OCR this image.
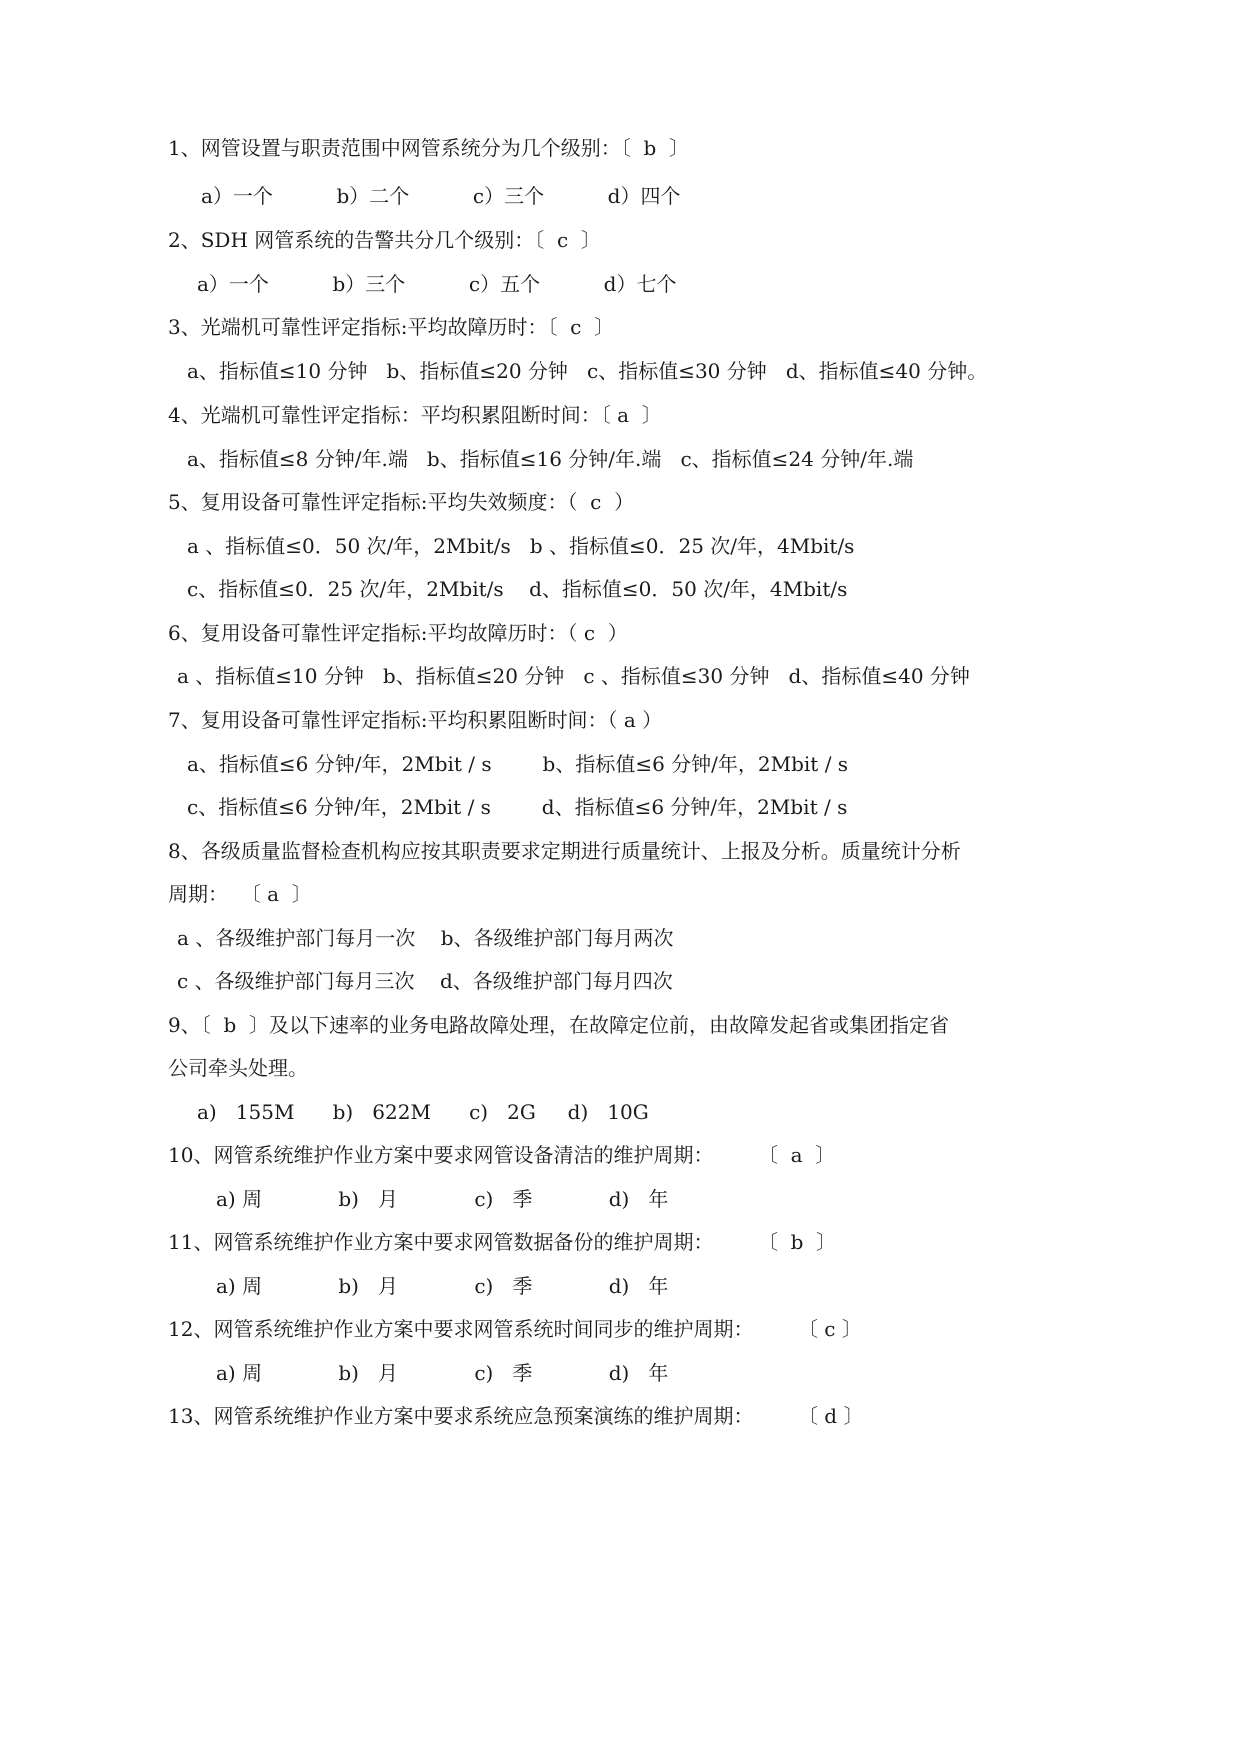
1、网管设置与职责范围中网管系统分为几个级别：〔  b  〕
a）一个          b）二个          c）三个          d）四个
2、SDH 网管系统的告警共分几个级别：〔  c  〕
a）一个          b）三个          c）五个          d）七个
3、光端机可靠性评定指标:平均故障历时：〔  c  〕
a、指标值≤10 分钟   b、指标值≤20 分钟   c、指标值≤30 分钟   d、指标值≤40 分钟。
4、光端机可靠性评定指标：平均积累阻断时间：〔 a  〕
a、指标值≤8 分钟/年.端   b、指标值≤16 分钟/年.端   c、指标值≤24 分钟/年.端
5、复用设备可靠性评定指标:平均失效频度：（  c  ）
a 、指标值≤0．50 次/年，2Mbit/s   b 、指标值≤0．25 次/年，4Mbit/s
c、指标值≤0．25 次/年，2Mbit/s    d、指标值≤0．50 次/年，4Mbit/s
6、复用设备可靠性评定指标:平均故障历时：（ c  ）
a 、指标值≤10 分钟   b、指标值≤20 分钟   c 、指标值≤30 分钟   d、指标值≤40 分钟
7、复用设备可靠性评定指标:平均积累阻断时间：（ a ）
a、指标值≤6 分钟/年，2Mbit / s        b、指标值≤6 分钟/年，2Mbit / s
c、指标值≤6 分钟/年，2Mbit / s        d、指标值≤6 分钟/年，2Mbit / s
8、各级质量监督检查机构应按其职责要求定期进行质量统计、上报及分析。质量统计分析
周期：  〔 a  〕
a 、各级维护部门每月一次    b、各级维护部门每月两次
c 、各级维护部门每月三次    d、各级维护部门每月四次
9、〔  b  〕及以下速率的业务电路故障处理，在故障定位前，由故障发起省或集团指定省
公司牵头处理。
a)   155M      b)   622M      c)   2G     d)   10G
10、网管系统维护作业方案中要求网管设备清洁的维护周期：       〔  a  〕
a) 周            b)   月            c)   季            d)   年
11、网管系统维护作业方案中要求网管数据备份的维护周期：       〔  b  〕
a) 周            b)   月            c)   季            d)   年
12、网管系统维护作业方案中要求网管系统时间同步的维护周期：       〔 c 〕
a) 周            b)   月            c)   季            d)   年
13、网管系统维护作业方案中要求系统应急预案演练的维护周期：       〔 d 〕
